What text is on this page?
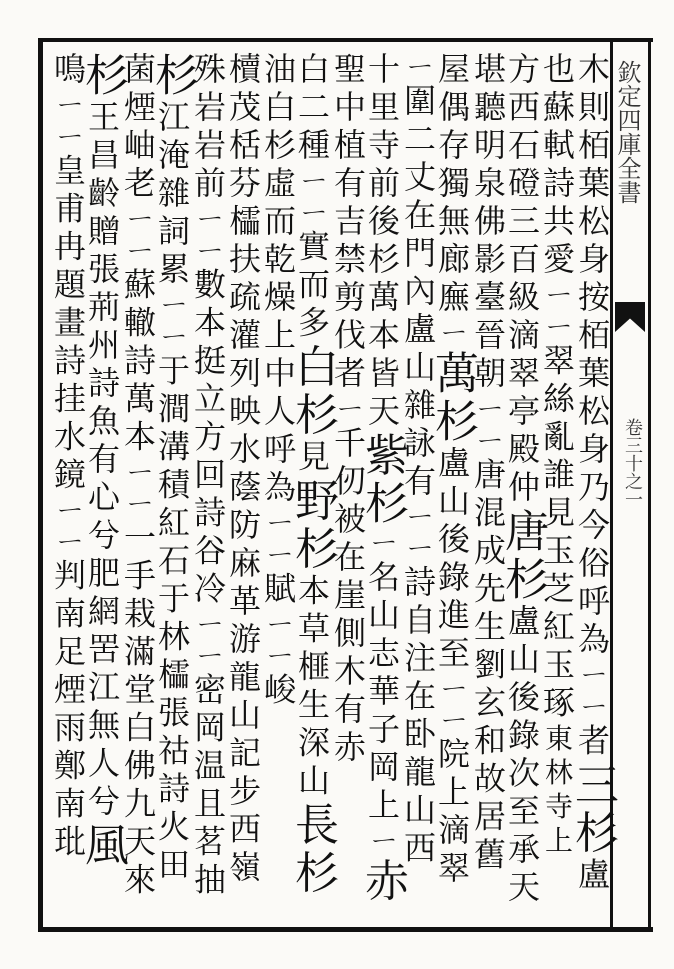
欽定四庫全書
卷三十之一
木則栢葉松身按栢葉松身乃今俗呼為ㄧㄧ者三杉盧
也蘇軾詩共愛ㄧㄧ翠絲亂誰見玉芝紅玉琢東林寺上
方西石磴三百級滴翠亭殿仲唐杉盧山後錄次至承天
堪聽明泉佛影臺晉朝ㄧㄧ唐混成先生劉玄和故居舊
屋偶存獨無廊廡ㄧ萬杉盧山後錄進至ㄧㄧ院上滴翠
ㄧ圍二丈在門內盧山雜詠有ㄧㄧ詩自注在卧龍山西
十里寺前後杉萬本皆天紫杉ㄧ名山志華子岡上ㄧ赤
聖中植有吉禁剪伐者ㄧ千仞被在崖側木有赤
白二種ㄧㄧ實而多白杉見野杉本草榧生深山長杉
油白杉虛而乾燥上中人呼為ㄧㄧ賦ㄧㄧ峻
櫝茂栝芬櫺扶疏灌列映水蔭防麻革游龍山記步西嶺
殊岩岩前ㄧㄧ數本挺立方回詩谷冷ㄧㄧ密岡温且茗抽
杉江淹雜詞累ㄧㄧ于澗溝積紅石于林櫺張祜詩火田
菌煙岫老ㄧㄧ蘇轍詩萬本ㄧㄧ一手栽滿堂白佛九天來
杉王昌齡贈張荊州詩魚有心兮肥網罟江無人兮風
鳴ㄧㄧ皇甫冉題畫詩挂水鏡ㄧㄧ判南足煙雨鄭南玭
